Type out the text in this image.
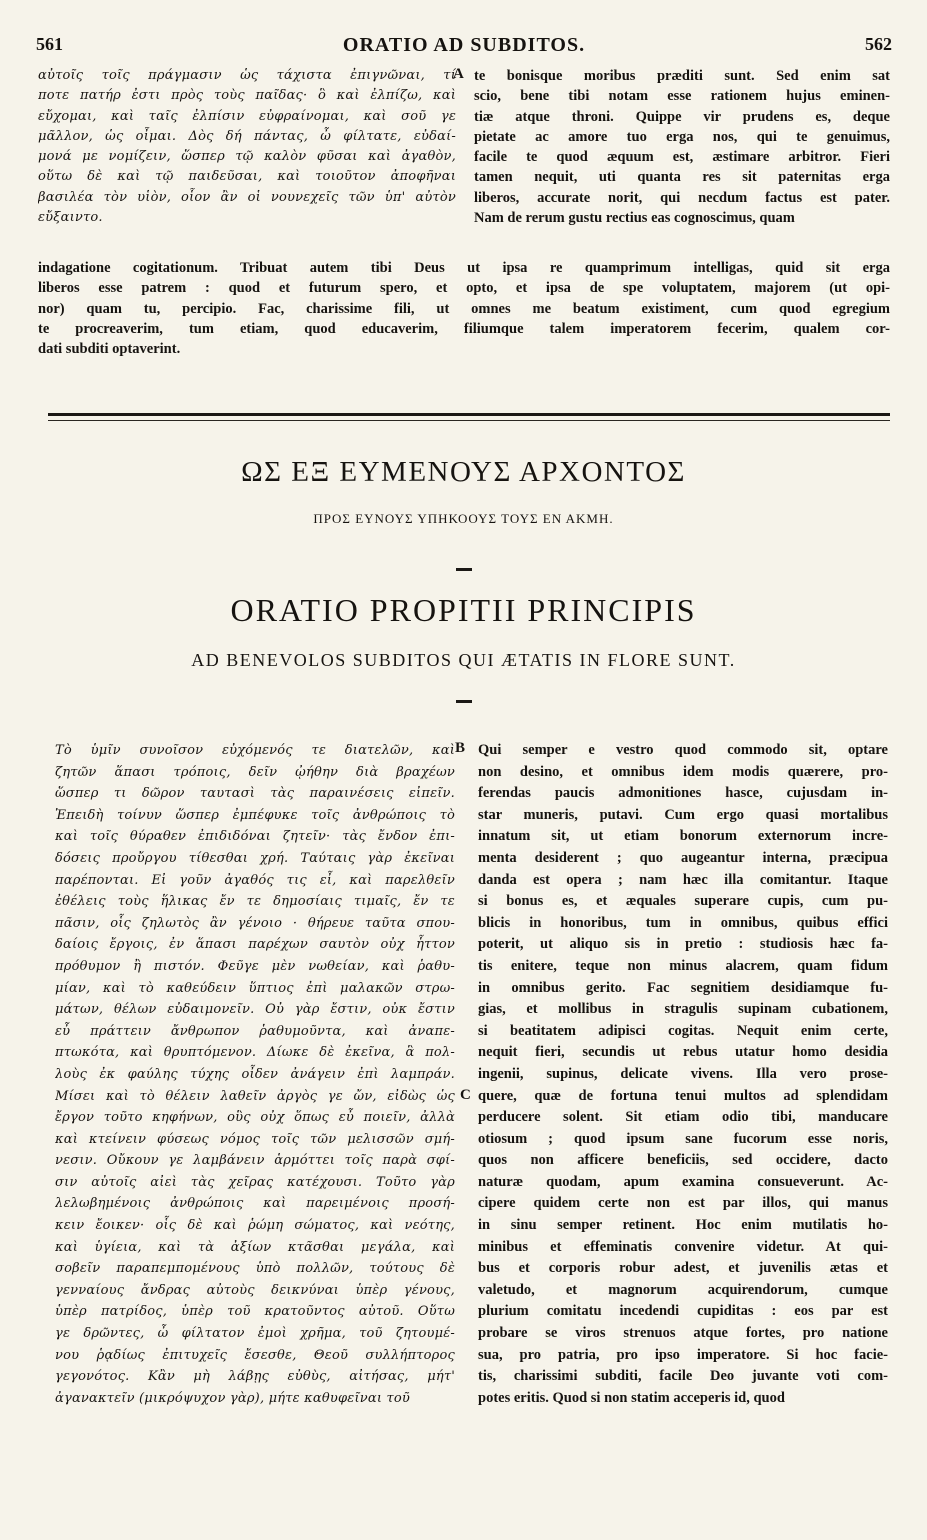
561	ORATIO AD SUBDITOS.	562
αὐτοῖς τοῖς πράγμασιν ὡς τάχιστα ἐπιγνῶναι, τί
ποτε πατήρ ἐστι πρὸς τοὺς παῖδας· ὃ καὶ ἐλπίζω, καὶ
εὔχομαι, καὶ ταῖς ἐλπίσιν εὐφραίνομαι, καὶ σοῦ γε
μᾶλλον, ὡς οἶμαι. Δὸς δή πάντας, ὦ φίλτατε, εὐδαί-
μονά με νομίζειν, ὥσπερ τῷ καλὸν φῦσαι καὶ ἀγαθὸν,
οὕτω δὲ καὶ τῷ παιδεῦσαι, καὶ τοιοῦτον ἀποφῆναι
βασιλέα τὸν υἱὸν, οἷον ἂν οἱ νουνεχεῖς τῶν ὑπ' αὐτὸν
εὔξαιντο.
A te bonisque moribus præditi sunt. Sed enim sat
scio, bene tibi notam esse rationem hujus eminen-
tiæ atque throni. Quippe vir prudens es, deque
pietate ac amore tuo erga nos, qui te genuimus,
facile te quod æquum est, æstimare arbitror. Fieri
tamen nequit, uti quanta res sit paternitas erga
liberos, accurate norit, qui necdum factus est pater.
Nam de rerum gustu rectius eas cognoscimus, quam
indagatione cogitationum. Tribuat autem tibi Deus ut ipsa re quamprimum intelligas, quid sit erga
liberos esse patrem : quod et futurum spero, et opto, et ipsa de spe voluptatem, majorem (ut opi-
nor) quam tu, percipio. Fac, charissime fili, ut omnes me beatum existiment, cum quod egregium
te procreaverim, tum etiam, quod educaverim, filiumque talem imperatorem fecerim, qualem cor-
dati subditi optaverint.
ΩΣ ΕΞ ΕΥΜΕΝΟΥΣ ΑΡΧΟΝΤΟΣ
ΠΡΟΣ ΕΥΝΟΥΣ ΥΠΗΚΟΟΥΣ ΤΟΥΣ ΕΝ ΑΚΜΗ.
ORATIO PROPITII PRINCIPIS
AD BENEVOLOS SUBDITOS QUI ÆTATIS IN FLORE SUNT.
Τὸ ὑμῖν συνοῖσον εὐχόμενός τε διατελῶν, καὶ
ζητῶν ἅπασι τρόποις, δεῖν ᾠήθην διὰ βραχέων
ὥσπερ τι δῶρον ταυτασὶ τὰς παραινέσεις εἰπεῖν.
Ἐπειδὴ τοίνυν ὥσπερ ἐμπέφυκε τοῖς ἀνθρώποις τὸ
καὶ τοῖς θύραθεν ἐπιδιδόναι ζητεῖν· τὰς ἔνδον ἐπι-
δόσεις προὔργου τίθεσθαι χρή. Ταύταις γὰρ ἐκεῖναι
παρέπονται. Εἰ γοῦν ἀγαθός τις εἶ, καὶ παρελθεῖν
ἐθέλεις τοὺς ἥλικας ἔν τε δημοσίαις τιμαῖς, ἔν τε
πᾶσιν, οἷς ζηλωτὸς ἂν γένοιο · θήρευε ταῦτα σπου-
δαίοις ἔργοις, ἐν ἅπασι παρέχων σαυτὸν οὐχ ἧττον
πρόθυμον ἢ πιστόν. Φεῦγε μὲν νωθείαν, καὶ ῥαθυ-
μίαν, καὶ τὸ καθεύδειν ὕπτιος ἐπὶ μαλακῶν στρω-
μάτων, θέλων εὐδαιμονεῖν. Οὐ γὰρ ἔστιν, οὐκ ἔστιν
εὖ πράττειν ἄνθρωπον ῥαθυμοῦντα, καὶ ἀναπε-
πτωκότα, καὶ θρυπτόμενον. Δίωκε δὲ ἐκεῖνα, ἃ πολ-
λοὺς ἐκ φαύλης τύχης οἶδεν ἀνάγειν ἐπὶ λαμπράν.
Μίσει καὶ τὸ θέλειν λαθεῖν ἀργὸς γε ὤν, εἰδὼς ὡς
ἔργον τοῦτο κηφήνων, οὓς οὐχ ὅπως εὖ ποιεῖν, ἀλλὰ
καὶ κτείνειν φύσεως νόμος τοῖς τῶν μελισσῶν σμή-
νεσιν. Οὔκουν γε λαμβάνειν ἁρμόττει τοῖς παρὰ σφί-
σιν αὐτοῖς αἰεὶ τὰς χεῖρας κατέχουσι. Τοῦτο γὰρ
λελωβημένοις ἀνθρώποις καὶ παρειμένοις προσή-
κειν ἔοικεν· οἷς δὲ καὶ ῥώμη σώματος, καὶ νεότης,
καὶ ὑγίεια, καὶ τὰ ἀξίων κτᾶσθαι μεγάλα, καὶ
σοβεῖν παραπεμπομένους ὑπὸ πολλῶν, τούτους δὲ
γενναίους ἄνδρας αὐτοὺς δεικνύναι ὑπὲρ γένους,
ὑπὲρ πατρίδος, ὑπὲρ τοῦ κρατοῦντος αὐτοῦ. Οὕτω
γε δρῶντες, ὦ φίλτατον ἐμοὶ χρῆμα, τοῦ ζητουμέ-
νου ῥᾳδίως ἐπιτυχεῖς ἔσεσθε, Θεοῦ συλλήπτορος
γεγονότος. Κἂν μὴ λάβῃς εὐθὺς, αἰτήσας, μήτ'
ἀγανακτεῖν (μικρόψυχον γὰρ), μήτε καθυφεῖναι τοῦ
B
C
Qui semper e vestro quod commodo sit, optare
non desino, et omnibus idem modis quærere, pro-
ferendas paucis admonitiones hasce, cujusdam in-
star muneris, putavi. Cum ergo quasi mortalibus
innatum sit, ut etiam bonorum externorum incre-
menta desiderent ; quo augeantur interna, præcipua
danda est opera ; nam hæc illa comitantur. Itaque
si bonus es, et æquales superare cupis, cum pu-
blicis in honoribus, tum in omnibus, quibus effici
poterit, ut aliquo sis in pretio : studiosis hæc fa-
tis enitere, teque non minus alacrem, quam fidum
in omnibus gerito. Fac segnitiem desidiamque fu-
gias, et mollibus in stragulis supinam cubationem,
si beatitatem adipisci cogitas. Nequit enim certe,
nequit fieri, secundis ut rebus utatur homo desidia
ingenii, supinus, delicate vivens. Illa vero prose-
quere, quæ de fortuna tenui multos ad splendidam
perducere solent. Sit etiam odio tibi, manducare
otiosum ; quod ipsum sane fucorum esse noris,
quos non afficere beneficiis, sed occidere, dacto
naturæ quodam, apum examina consueverunt. Ac-
cipere quidem certe non est par illos, qui manus
in sinu semper retinent. Hoc enim mutilatis ho-
minibus et effeminatis convenire videtur. At qui-
bus et corporis robur adest, et juvenilis ætas et
valetudo, et magnorum acquirendorum, cumque
plurium comitatu incedendi cupiditas : eos par est
probare se viros strenuos atque fortes, pro natione
sua, pro patria, pro ipso imperatore. Si hoc facie-
tis, charissimi subditi, facile Deo juvante voti com-
potes eritis. Quod si non statim acceperis id, quod
